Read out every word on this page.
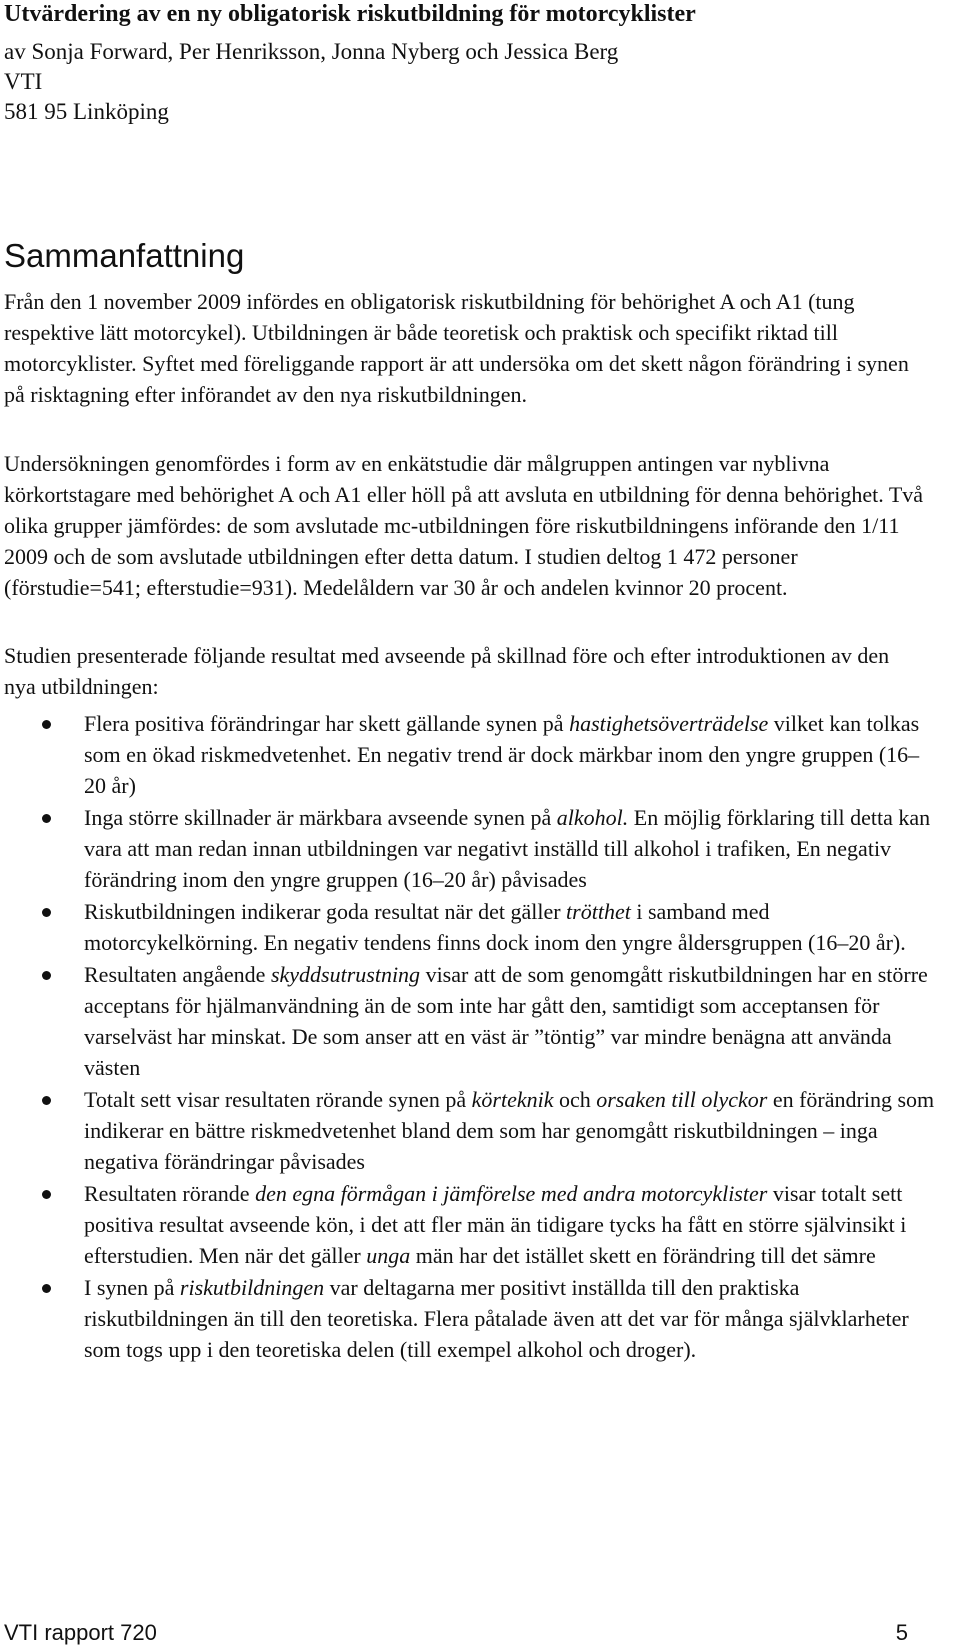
Utvärdering av en ny obligatorisk riskutbildning för motorcyklister
av Sonja Forward, Per Henriksson, Jonna Nyberg och Jessica Berg
VTI
581 95 Linköping
Sammanfattning
Från den 1 november 2009 infördes en obligatorisk riskutbildning för behörighet A och A1 (tung respektive lätt motorcykel). Utbildningen är både teoretisk och praktisk och specifikt riktad till motorcyklister. Syftet med föreliggande rapport är att undersöka om det skett någon förändring i synen på risktagning efter införandet av den nya riskutbildningen.
Undersökningen genomfördes i form av en enkätstudie där målgruppen antingen var nyblivna körkortstagare med behörighet A och A1 eller höll på att avsluta en utbildning för denna behörighet. Två olika grupper jämfördes: de som avslutade mc-utbildningen före riskutbildningens införande den 1/11 2009 och de som avslutade utbildningen efter detta datum. I studien deltog 1 472 personer (förstudie=541; efterstudie=931). Medelåldern var 30 år och andelen kvinnor 20 procent.
Studien presenterade följande resultat med avseende på skillnad före och efter introduktionen av den nya utbildningen:
Flera positiva förändringar har skett gällande synen på hastighetsöverträdelse vilket kan tolkas som en ökad riskmedvetenhet. En negativ trend är dock märkbar inom den yngre gruppen (16–20 år)
Inga större skillnader är märkbara avseende synen på alkohol. En möjlig förklaring till detta kan vara att man redan innan utbildningen var negativt inställd till alkohol i trafiken, En negativ förändring inom den yngre gruppen (16–20 år) påvisades
Riskutbildningen indikerar goda resultat när det gäller trötthet i samband med motorcykelkörning. En negativ tendens finns dock inom den yngre åldersgruppen (16–20 år).
Resultaten angående skyddsutrustning visar att de som genomgått riskutbildningen har en större acceptans för hjälmanvändning än de som inte har gått den, samtidigt som acceptansen för varselväst har minskat. De som anser att en väst är ”töntig” var mindre benägna att använda västen
Totalt sett visar resultaten rörande synen på körteknik och orsaken till olyckor en förändring som indikerar en bättre riskmedvetenhet bland dem som har genomgått riskutbildningen – inga negativa förändringar påvisades
Resultaten rörande den egna förmågan i jämförelse med andra motorcyklister visar totalt sett positiva resultat avseende kön, i det att fler män än tidigare tycks ha fått en större självinsikt i efterstudien. Men när det gäller unga män har det istället skett en förändring till det sämre
I synen på riskutbildningen var deltagarna mer positivt inställda till den praktiska riskutbildningen än till den teoretiska. Flera påtalade även att det var för många självklarheter som togs upp i den teoretiska delen (till exempel alkohol och droger).
VTI rapport 720	5
